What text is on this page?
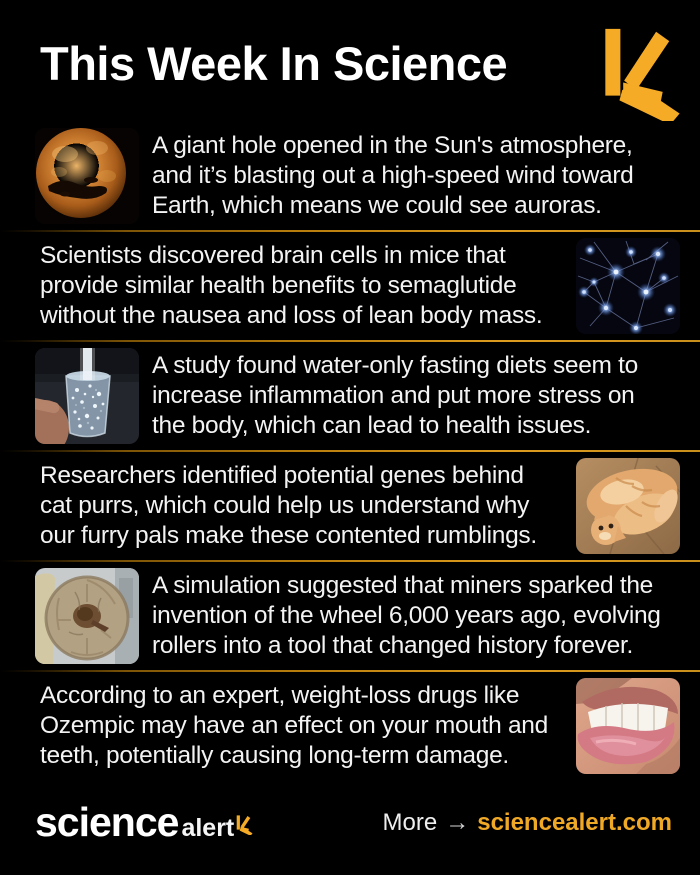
This Week In Science

A giant hole opened in the Sun's atmosphere,
and it’s blasting out a high-speed wind toward
Earth, which means we could see auroras.

Scientists discovered brain cells in mice that
provide similar health benefits to semaglutide
without the nausea and loss of lean body mass.

A study found water-only fasting diets seem to
increase inflammation and put more stress on
the body, which can lead to health issues.

Researchers identified potential genes behind
cat purrs, which could help us understand why
our furry pals make these contented rumblings.

A simulation suggested that miners sparked the
invention of the wheel 6,000 years ago, evolving
rollers into a tool that changed history forever.

According to an expert, weight-loss drugs like
Ozempic may have an effect on your mouth and
teeth, potentially causing long-term damage.

science alert	More → sciencealert.com
